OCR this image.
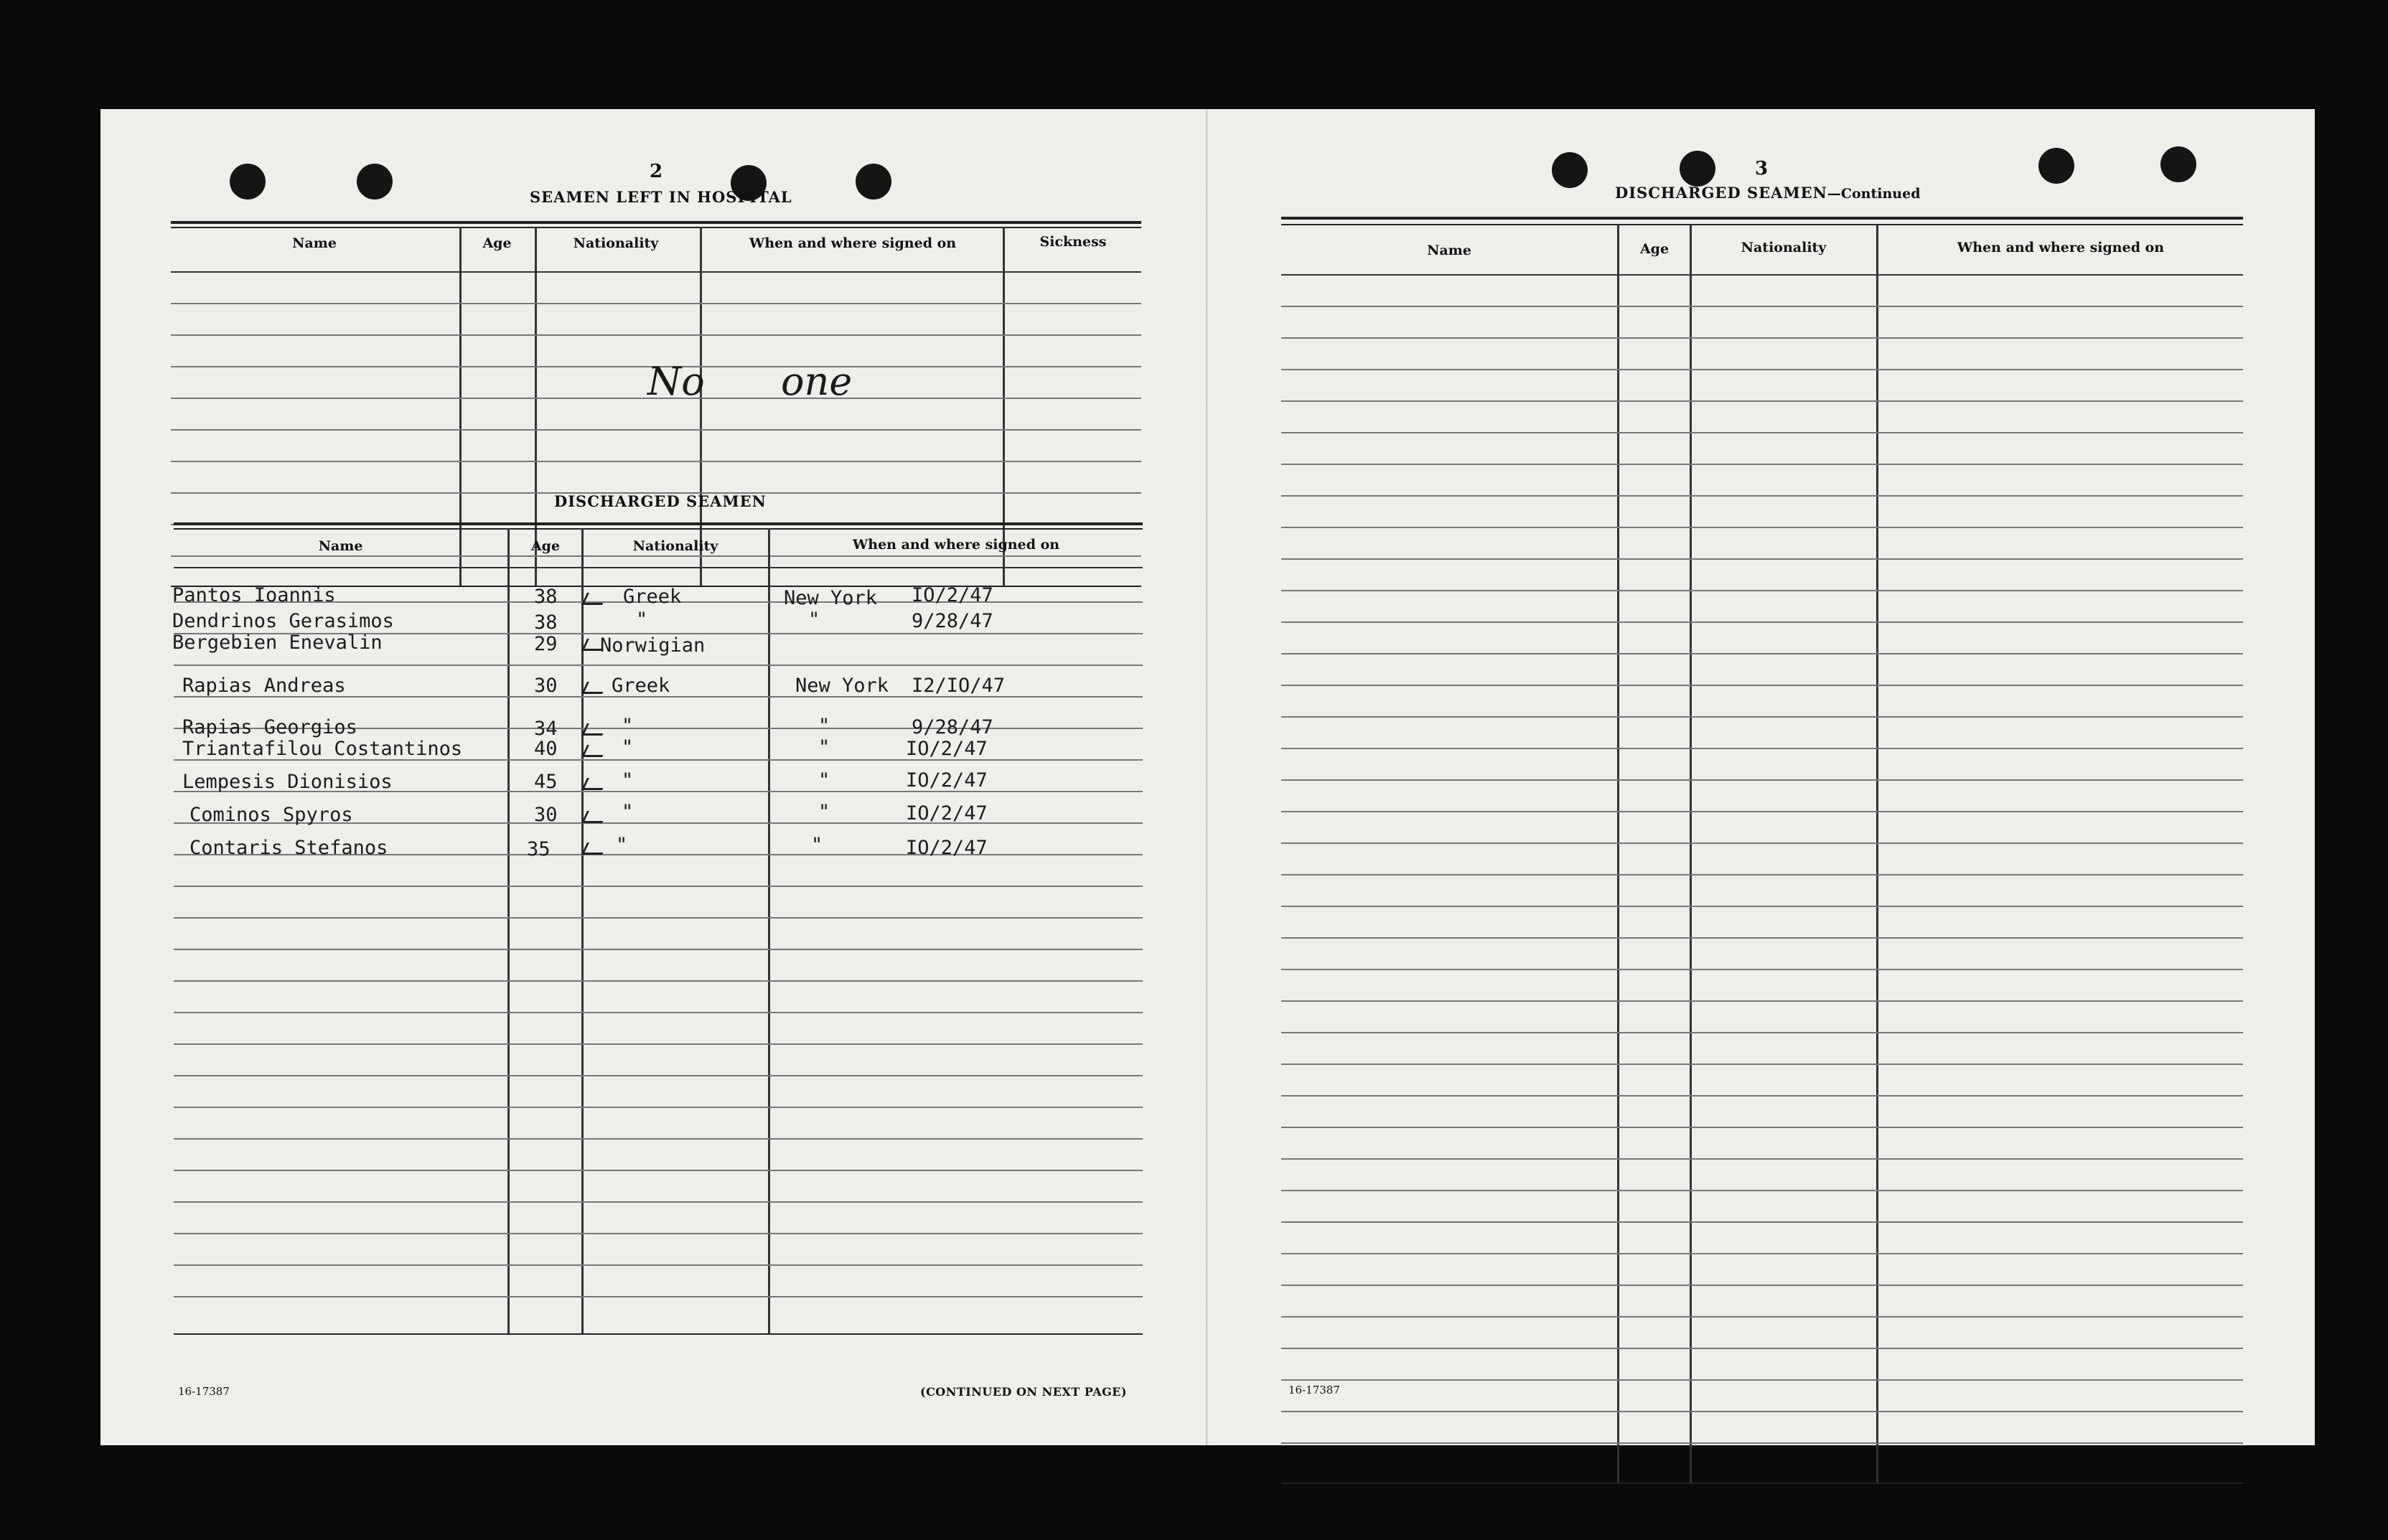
2
SEAMEN LEFT IN HOSPITAL
Name	Age	Nationality	When and where signed on	Sickness
No one
DISCHARGED SEAMEN
Name	Age	Nationality	When and where signed on
Pantos Ioannis	38	Greek	New York IO/2/47
Dendrinos Gerasimos	38	"	"	9/28/47
Bergebien Enevalin	29 Norwigian
Rapias Andreas	30	Greek	New York I2/IO/47
Rapias Georgios	34	"	"	9/28/47
Triantafilou Costantinos	40	"	"	IO/2/47
Lempesis Dionisios	45	"	"	IO/2/47
Cominos Spyros	30	"	"	IO/2/47
Contaris Stefanos	35	"	"	IO/2/47
16-17387	(CONTINUED ON NEXT PAGE)
3
DISCHARGED SEAMEN—Continued
Name	Age	Nationality	When and where signed on
16-17387
